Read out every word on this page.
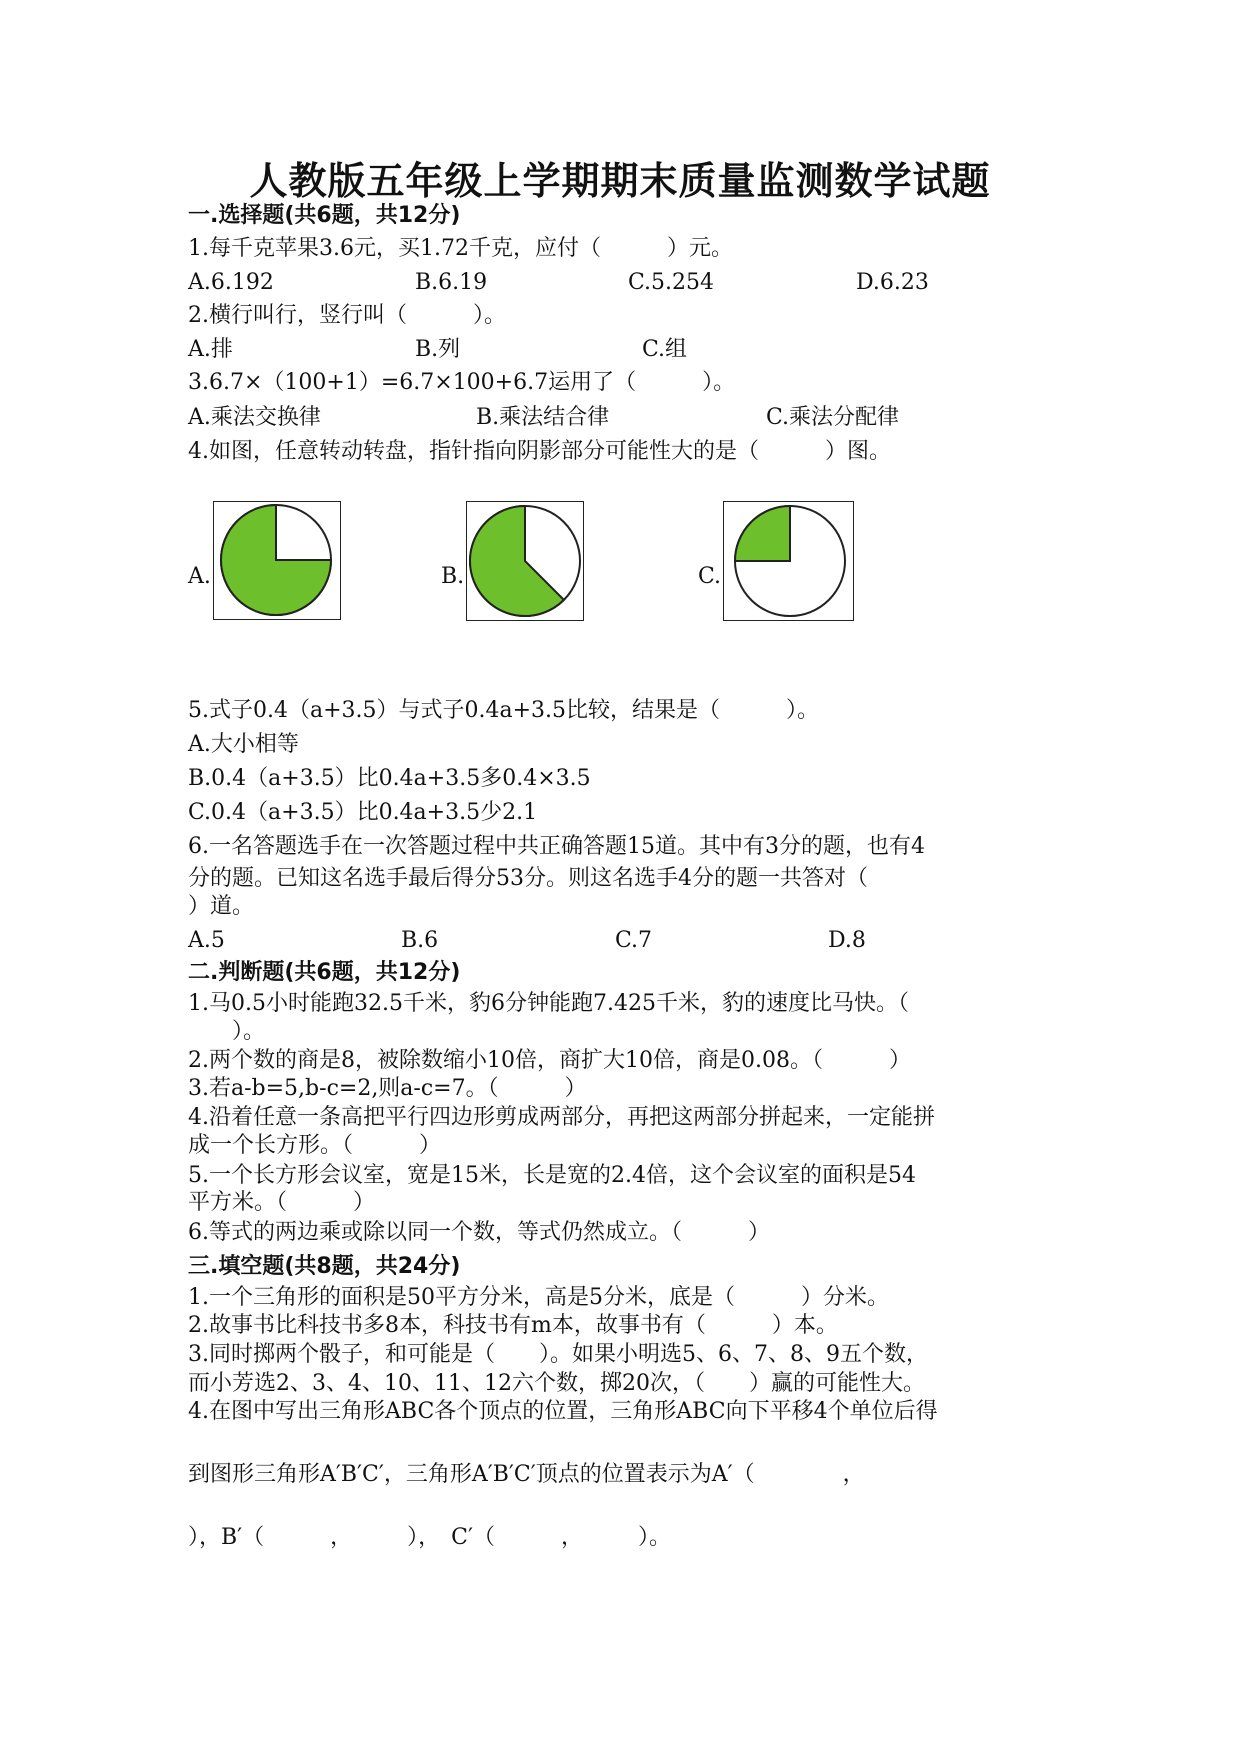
人教版五年级上学期期末质量监测数学试题
一.选择题(共6题，共12分)
1.每千克苹果3.6元，买1.72千克，应付（　　　）元。
A.6.192	B.6.19	C.5.254	D.6.23
2.横行叫行，竖行叫（　　　）。
A.排	B.列	C.组
3.6.7×（100+1）=6.7×100+6.7运用了（　　　）。
A.乘法交换律	B.乘法结合律	C.乘法分配律
4.如图，任意转动转盘，指针指向阴影部分可能性大的是（　　　）图。
A.	B.	C.
5.式子0.4（a+3.5）与式子0.4a+3.5比较，结果是（　　　）。
A.大小相等
B.0.4（a+3.5）比0.4a+3.5多0.4×3.5
C.0.4（a+3.5）比0.4a+3.5少2.1
6.一名答题选手在一次答题过程中共正确答题15道。其中有3分的题，也有4
分的题。已知这名选手最后得分53分。则这名选手4分的题一共答对（
）道。
A.5	B.6	C.7	D.8
二.判断题(共6题，共12分)
1.马0.5小时能跑32.5千米，豹6分钟能跑7.425千米，豹的速度比马快。（
　　）。
2.两个数的商是8，被除数缩小10倍，商扩大10倍，商是0.08。（　　　）
3.若a-b=5,b-c=2,则a-c=7。（　　　）
4.沿着任意一条高把平行四边形剪成两部分，再把这两部分拼起来，一定能拼
成一个长方形。（　　　）
5.一个长方形会议室，宽是15米，长是宽的2.4倍，这个会议室的面积是54
平方米。（　　　）
6.等式的两边乘或除以同一个数，等式仍然成立。（　　　）
三.填空题(共8题，共24分)
1.一个三角形的面积是50平方分米，高是5分米，底是（　　　）分米。
2.故事书比科技书多8本，科技书有m本，故事书有（　　　）本。
3.同时掷两个骰子，和可能是（　　）。如果小明选5、6、7、8、9五个数，
而小芳选2、3、4、10、11、12六个数，掷20次，（　　）赢的可能性大。
4.在图中写出三角形ABC各个顶点的位置，三角形ABC向下平移4个单位后得
到图形三角形A′B′C′，三角形A′B′C′顶点的位置表示为A′（　　　　，
），B′（　　　，　　　），　C′（　　　，　　　）。
